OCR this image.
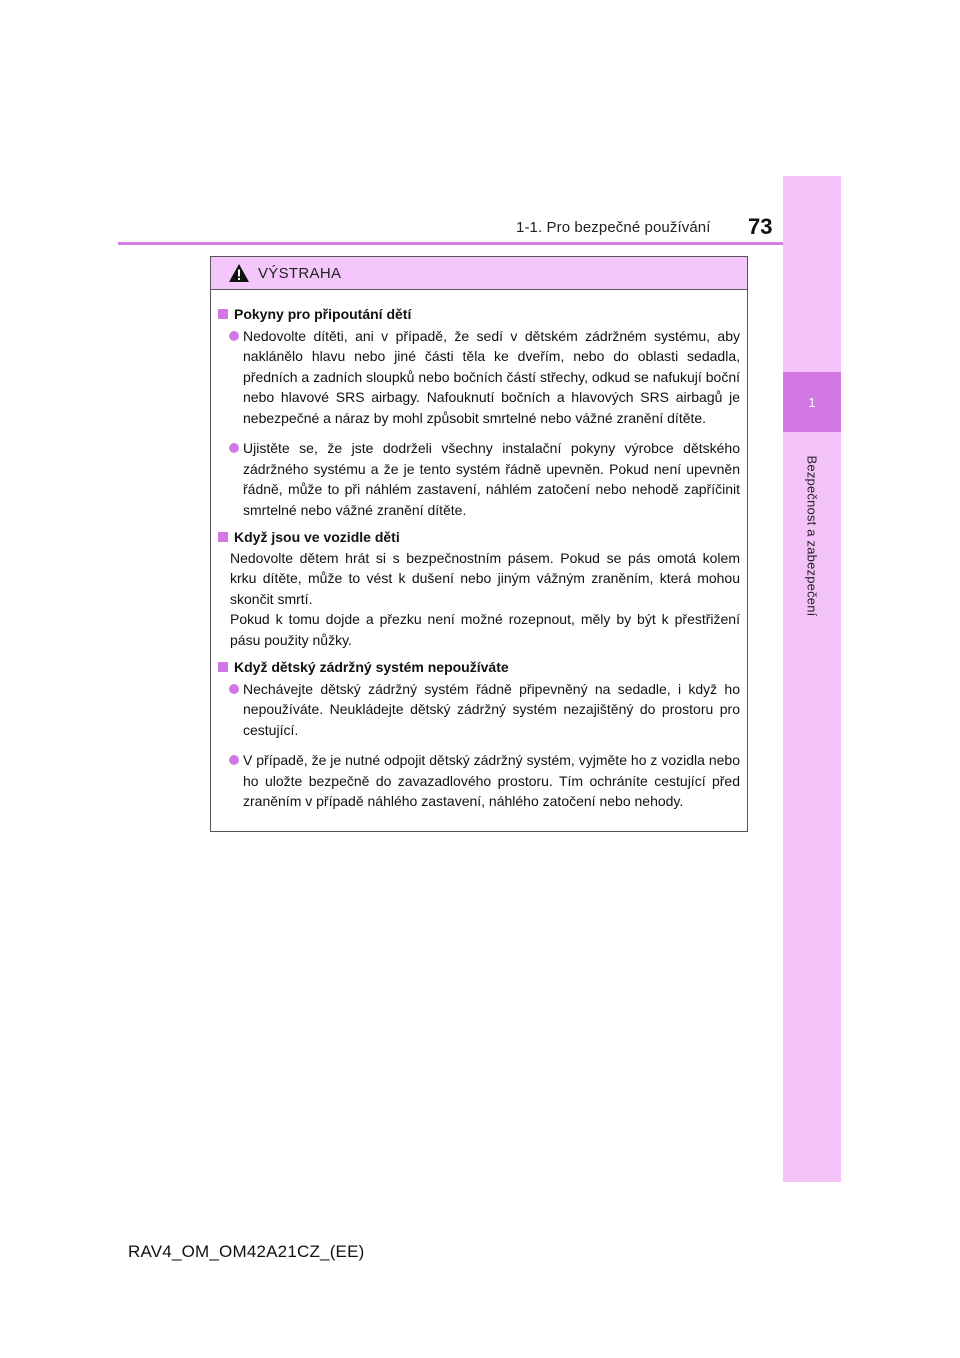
1-1. Pro bezpečné používání 73
1
Bezpečnost a zabezpečení
VÝSTRAHA
Pokyny pro připoutání dětí
Nedovolte dítěti, ani v případě, že sedí v dětském zádržném systému, aby naklánělo hlavu nebo jiné části těla ke dveřím, nebo do oblasti sedadla, předních a zadních sloupků nebo bočních částí střechy, odkud se nafukují boční nebo hlavové SRS airbagy. Nafouknutí bočních a hlavových SRS airbagů je nebezpečné a náraz by mohl způsobit smrtelné nebo vážné zranění dítěte.
Ujistěte se, že jste dodrželi všechny instalační pokyny výrobce dětského zádržného systému a že je tento systém řádně upevněn. Pokud není upevněn řádně, může to při náhlém zastavení, náhlém zatočení nebo nehodě zapříčinit smrtelné nebo vážné zranění dítěte.
Když jsou ve vozidle děti
Nedovolte dětem hrát si s bezpečnostním pásem. Pokud se pás omotá kolem krku dítěte, může to vést k dušení nebo jiným vážným zraněním, která mohou skončit smrtí.
Pokud k tomu dojde a přezku není možné rozepnout, měly by být k přestřižení pásu použity nůžky.
Když dětský zádržný systém nepoužíváte
Nechávejte dětský zádržný systém řádně připevněný na sedadle, i když ho nepoužíváte. Neukládejte dětský zádržný systém nezajištěný do prostoru pro cestující.
V případě, že je nutné odpojit dětský zádržný systém, vyjměte ho z vozidla nebo ho uložte bezpečně do zavazadlového prostoru. Tím ochráníte cestující před zraněním v případě náhlého zastavení, náhlého zatočení nebo nehody.
RAV4_OM_OM42A21CZ_(EE)
